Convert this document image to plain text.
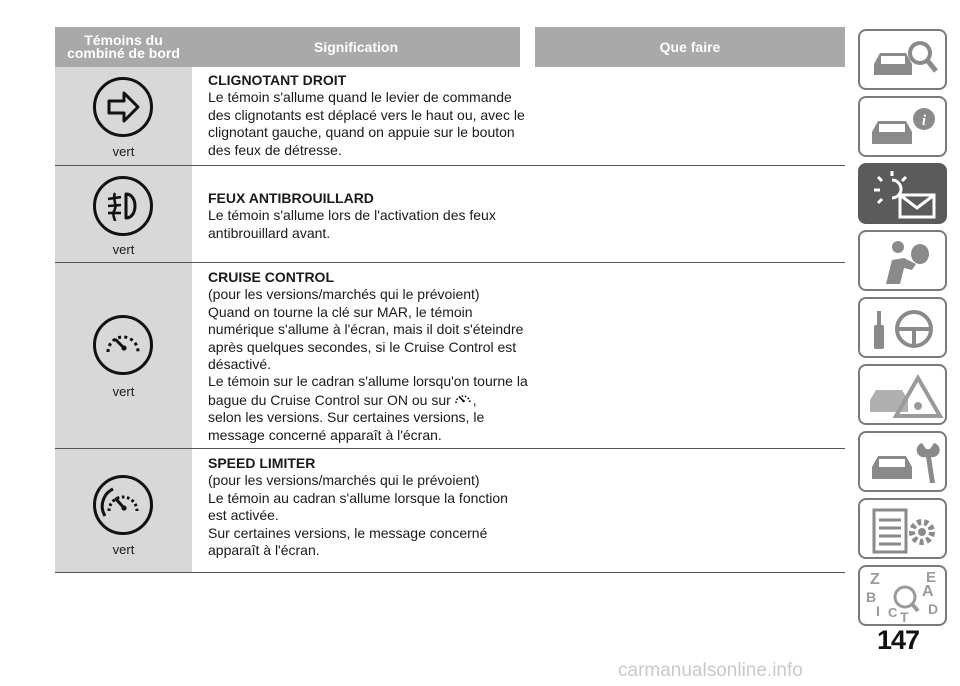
Témoins du
combiné de bord	Signification	Que faire
vert
CLIGNOTANT DROIT
Le témoin s'allume quand le levier de commande des clignotants est déplacé vers le haut ou, avec le clignotant gauche, quand on appuie sur le bouton des feux de détresse.
vert
FEUX ANTIBROUILLARD
Le témoin s'allume lors de l'activation des feux antibrouillard avant.
vert
CRUISE CONTROL
(pour les versions/marchés qui le prévoient)
Quand on tourne la clé sur MAR, le témoin numérique s'allume à l'écran, mais il doit s'éteindre après quelques secondes, si le Cruise Control est désactivé.
Le témoin sur le cadran s'allume lorsqu'on tourne la bague du Cruise Control sur ON ou sur ,
selon les versions. Sur certaines versions, le message concerné apparaît à l'écran.
vert
SPEED LIMITER
(pour les versions/marchés qui le prévoient)
Le témoin au cadran s'allume lorsque la fonction est activée.
Sur certaines versions, le message concerné apparaît à l'écran.
i
Z	E
B	A
D
I C T
147
carmanualsonline.info
